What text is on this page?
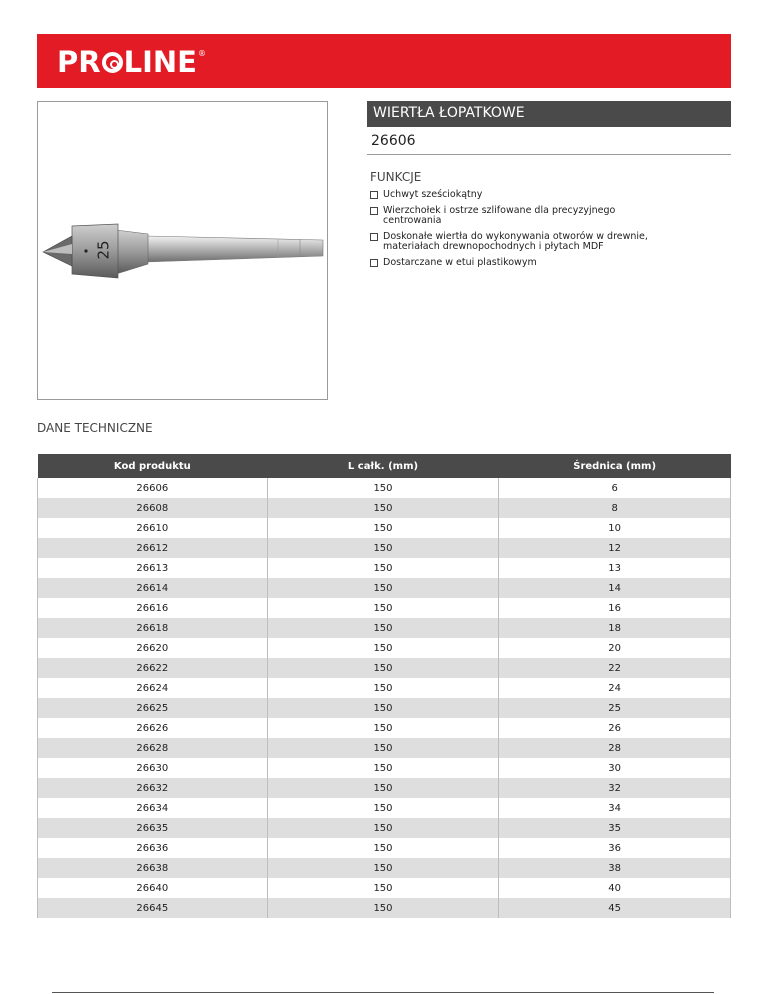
PR LINE ®
25
WIERTŁA ŁOPATKOWE
26606
FUNKCJE
Uchwyt sześciokątny
Wierzchołek i ostrze szlifowane dla precyzyjnego centrowania
Doskonałe wiertła do wykonywania otworów w drewnie, materiałach drewnopochodnych i płytach MDF
Dostarczane w etui plastikowym
DANE TECHNICZNE
Kod produktu	L całk. (mm)	Średnica (mm)
26606	150	6
26608	150	8
26610	150	10
26612	150	12
26613	150	13
26614	150	14
26616	150	16
26618	150	18
26620	150	20
26622	150	22
26624	150	24
26625	150	25
26626	150	26
26628	150	28
26630	150	30
26632	150	32
26634	150	34
26635	150	35
26636	150	36
26638	150	38
26640	150	40
26645	150	45
